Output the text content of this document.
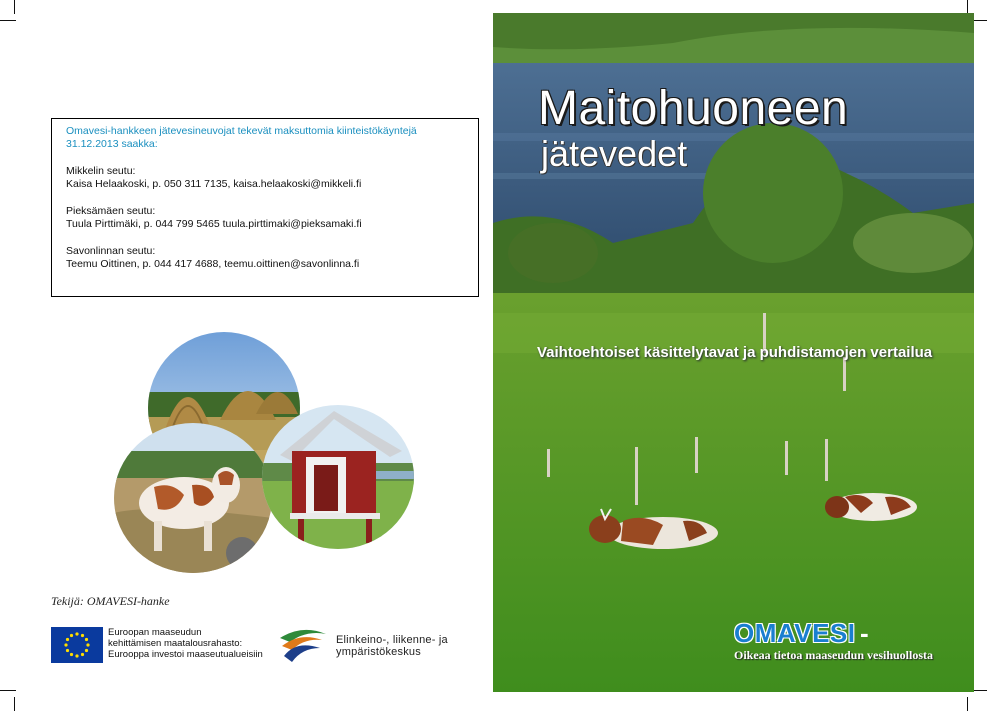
Omavesi-hankkeen jätevesineuvojat tekevät maksuttomia kiinteistökäyntejä 31.12.2013 saakka:
Mikkelin seutu:
Kaisa Helaakoski, p. 050 311 7135, kaisa.helaakoski@mikkeli.fi
Pieksämäen seutu:
Tuula Pirttimäki, p. 044 799 5465 tuula.pirttimaki@pieksamaki.fi
Savonlinnan seutu:
Teemu Oittinen, p. 044 417 4688, teemu.oittinen@savonlinna.fi
Tekijä: OMAVESI-hanke
Euroopan maaseudun
kehittämisen maatalousrahasto:
Eurooppa investoi maaseutualueisiin
Elinkeino-, liikenne- ja
ympäristökeskus
Maitohuoneen
jätevedet
Vaihtoehtoiset käsittelytavat ja puhdistamojen vertailua
OMAVESI -
Oikeaa tietoa maaseudun vesihuollosta
